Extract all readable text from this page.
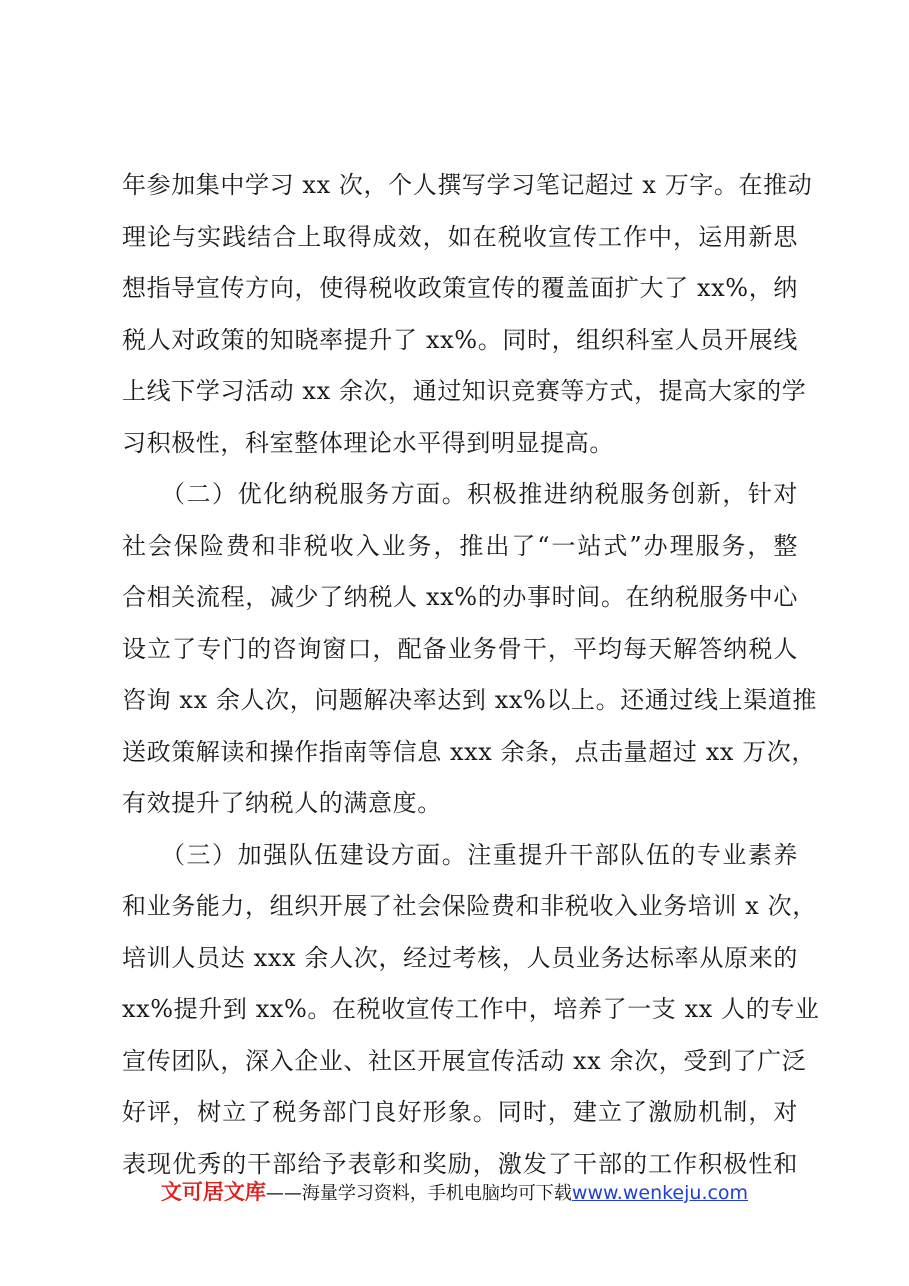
年参加集中学习 xx 次，个人撰写学习笔记超过 x 万字。在推动
理论与实践结合上取得成效，如在税收宣传工作中，运用新思
想指导宣传方向，使得税收政策宣传的覆盖面扩大了 xx%，纳
税人对政策的知晓率提升了 xx%。同时，组织科室人员开展线
上线下学习活动 xx 余次，通过知识竞赛等方式，提高大家的学
习积极性，科室整体理论水平得到明显提高。

　　（二）优化纳税服务方面。积极推进纳税服务创新，针对
社会保险费和非税收入业务，推出了“一站式”办理服务，整
合相关流程，减少了纳税人 xx%的办事时间。在纳税服务中心
设立了专门的咨询窗口，配备业务骨干，平均每天解答纳税人
咨询 xx 余人次，问题解决率达到 xx%以上。还通过线上渠道推
送政策解读和操作指南等信息 xxx 余条，点击量超过 xx 万次，
有效提升了纳税人的满意度。

　　（三）加强队伍建设方面。注重提升干部队伍的专业素养
和业务能力，组织开展了社会保险费和非税收入业务培训 x 次，
培训人员达 xxx 余人次，经过考核，人员业务达标率从原来的
xx%提升到 xx%。在税收宣传工作中，培养了一支 xx 人的专业
宣传团队，深入企业、社区开展宣传活动 xx 余次，受到了广泛
好评，树立了税务部门良好形象。同时，建立了激励机制，对
表现优秀的干部给予表彰和奖励，激发了干部的工作积极性和

文可居文库——海量学习资料，手机电脑均可下载www.wenkeju.com
